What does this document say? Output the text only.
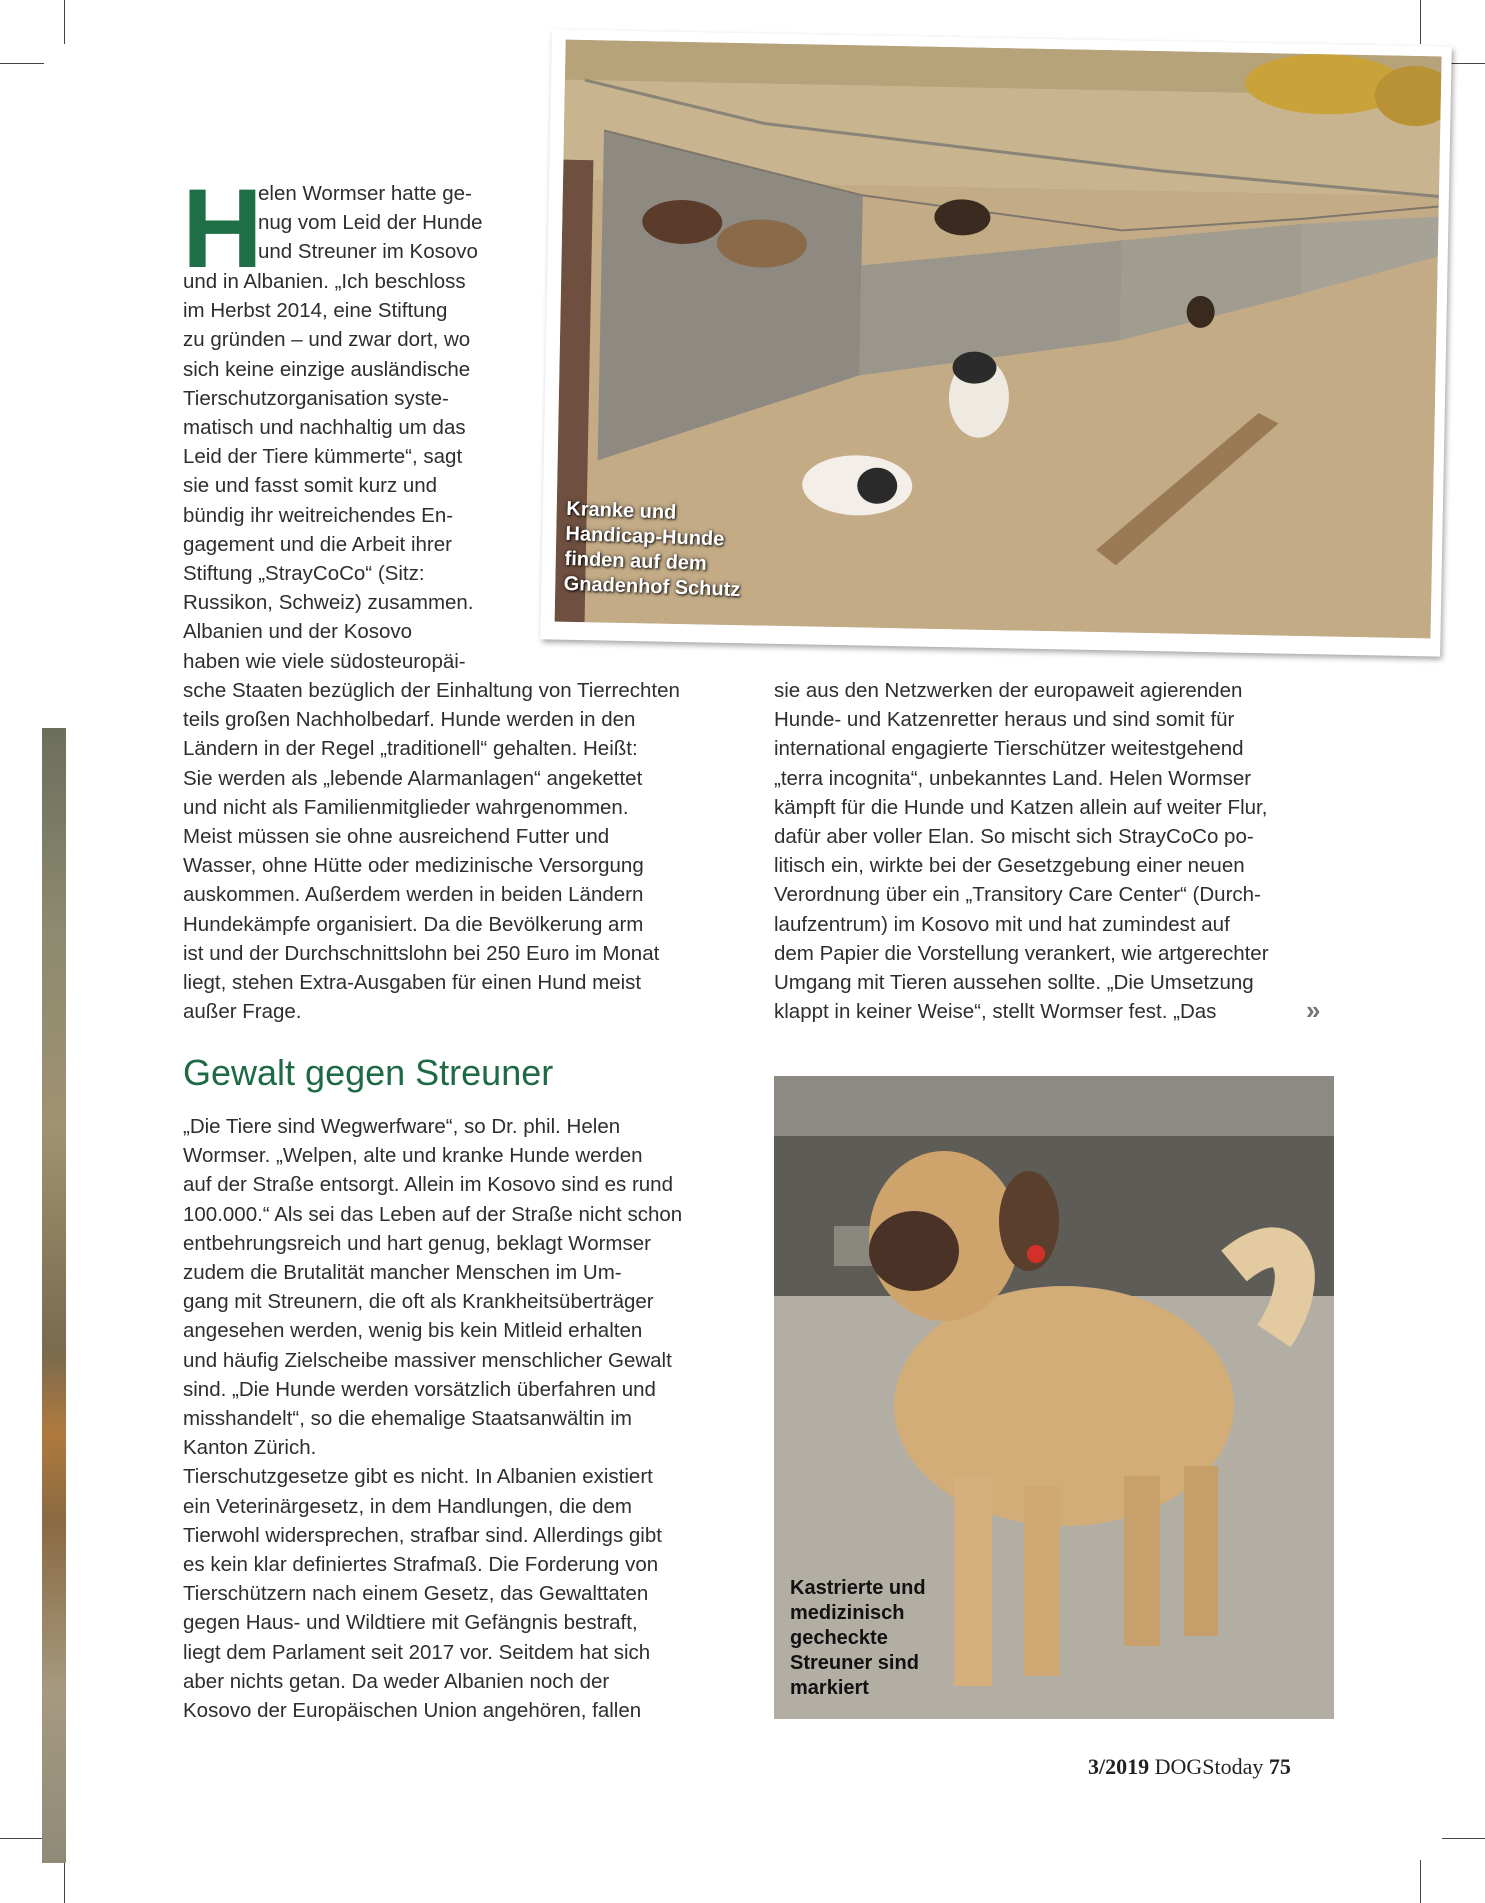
Kranke und
Handicap-Hunde
finden auf dem
Gnadenhof Schutz

H

elen Wormser hatte ge-
nug vom Leid der Hunde
und Streuner im Kosovo

und in Albanien. „Ich beschloss
im Herbst 2014, eine Stiftung
zu gründen – und zwar dort, wo
sich keine einzige ausländische
Tierschutzorganisation syste-
matisch und nachhaltig um das
Leid der Tiere kümmerte“, sagt
sie und fasst somit kurz und
bündig ihr weitreichendes En-
gagement und die Arbeit ihrer
Stiftung „StrayCoCo“ (Sitz:
Russikon, Schweiz) zusammen.
Albanien und der Kosovo
haben wie viele südosteuropäi-

sche Staaten bezüglich der Einhaltung von Tierrechten
teils großen Nachholbedarf. Hunde werden in den
Ländern in der Regel „traditionell“ gehalten. Heißt:
Sie werden als „lebende Alarmanlagen“ angekettet
und nicht als Familienmitglieder wahrgenommen.
Meist müssen sie ohne ausreichend Futter und
Wasser, ohne Hütte oder medizinische Versorgung
auskommen. Außerdem werden in beiden Ländern
Hundekämpfe organisiert. Da die Bevölkerung arm
ist und der Durchschnittslohn bei 250 Euro im Monat
liegt, stehen Extra-Ausgaben für einen Hund meist
außer Frage.

sie aus den Netzwerken der europaweit agierenden
Hunde- und Katzenretter heraus und sind somit für
international engagierte Tierschützer weitestgehend
„terra incognita“, unbekanntes Land. Helen Wormser
kämpft für die Hunde und Katzen allein auf weiter Flur,
dafür aber voller Elan. So mischt sich StrayCoCo po-
litisch ein, wirkte bei der Gesetzgebung einer neuen
Verordnung über ein „Transitory Care Center“ (Durch-
laufzentrum) im Kosovo mit und hat zumindest auf
dem Papier die Vorstellung verankert, wie artgerechter
Umgang mit Tieren aussehen sollte. „Die Umsetzung
klappt in keiner Weise“, stellt Wormser fest. „Das	»
Gewalt gegen Streuner

„Die Tiere sind Wegwerfware“, so Dr. phil. Helen
Wormser. „Welpen, alte und kranke Hunde werden
auf der Straße entsorgt. Allein im Kosovo sind es rund
100.000.“ Als sei das Leben auf der Straße nicht schon
entbehrungsreich und hart genug, beklagt Wormser
zudem die Brutalität mancher Menschen im Um-
gang mit Streunern, die oft als Krankheitsüberträger
angesehen werden, wenig bis kein Mitleid erhalten
und häufig Zielscheibe massiver menschlicher Gewalt
sind. „Die Hunde werden vorsätzlich überfahren und
misshandelt“, so die ehemalige Staatsanwältin im
Kanton Zürich.
Tierschutzgesetze gibt es nicht. In Albanien existiert
ein Veterinärgesetz, in dem Handlungen, die dem
Tierwohl widersprechen, strafbar sind. Allerdings gibt
es kein klar definiertes Strafmaß. Die Forderung von
Tierschützern nach einem Gesetz, das Gewalttaten
gegen Haus- und Wildtiere mit Gefängnis bestraft,
liegt dem Parlament seit 2017 vor. Seitdem hat sich
aber nichts getan. Da weder Albanien noch der
Kosovo der Europäischen Union angehören, fallen

Kastrierte und
medizinisch
gecheckte
Streuner sind
markiert

3/2019 DOGStoday 75
